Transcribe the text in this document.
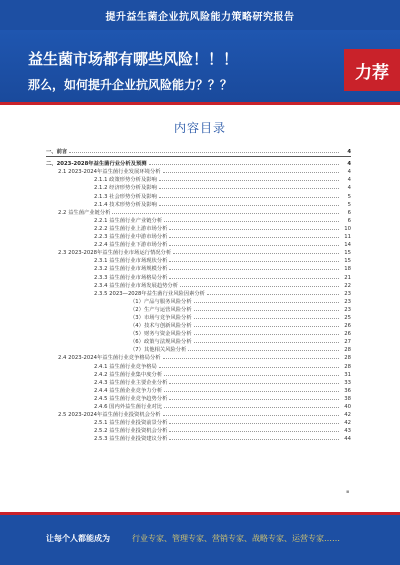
提升益生菌企业抗风险能力策略研究报告
益生菌市场都有哪些风险！！！
那么，如何提升企业抗风险能力？？？
力荐
内容目录
一、前言	4
二、2023-2028年益生菌行业分析及预测	4
2.1 2023-2024年益生菌行业发展环境分析	4
2.1.1 政策形势分析及影响	4
2.1.2 经济形势分析及影响	4
2.1.3 社会形势分析及影响	5
2.1.4 技术形势分析及影响	5
2.2 益生菌产业链分析	6
2.2.1 益生菌行业产业链分析	6
2.2.2 益生菌行业上游市场分析	10
2.2.3 益生菌行业中游市场分析	11
2.2.4 益生菌行业下游市场分析	14
2.3 2023-2028年益生菌行业市场运行情况分析	15
2.3.1 益生菌行业市场现状分析	15
2.3.2 益生菌行业市场规模分析	18
2.3.3 益生菌行业市场格局分析	21
2.3.4 益生菌行业市场发展趋势分析	22
2.3.5 2023—2028年益生菌行业风险因素分析	23
（1）产品与服务风险分析	23
（2）生产与运营风险分析	23
（3）市场与竞争风险分析	25
（4）技术与创新风险分析	26
（5）财务与资金风险分析	26
（6）政策与法规风险分析	27
（7）其他相关风险分析	28
2.4 2023-2024年益生菌行业竞争格局分析	28
2.4.1 益生菌行业竞争格局	28
2.4.2 益生菌行业集中度分析	31
2.4.3 益生菌行业主要企业分析	33
2.4.4 益生菌企业竞争力分析	36
2.4.5 益生菌行业竞争趋势分析	38
2.4.6 国内外益生菌行业对比	40
2.5 2023-2024年益生菌行业投资机会分析	42
2.5.1 益生菌行业投资前景分析	42
2.5.2 益生菌行业投资机会分析	43
2.5.3 益生菌行业投资建议分析	44
▪
让每个人都能成为	行业专家、管理专家、营销专家、战略专家、运营专家……
